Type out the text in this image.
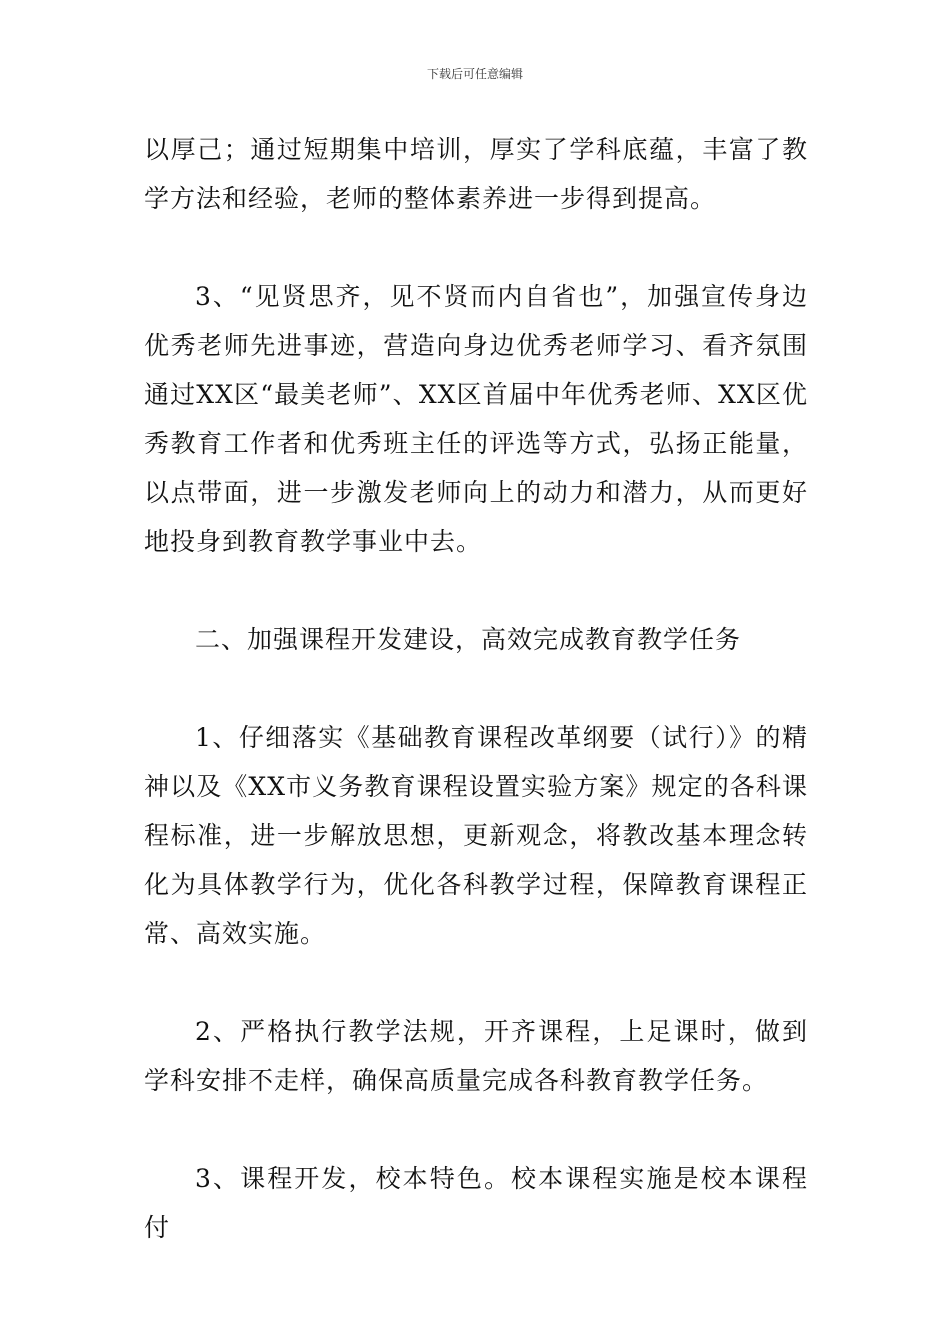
下载后可任意编辑

以厚己；通过短期集中培训，厚实了学科底蕴，丰富了教学方法和经验，老师的整体素养进一步得到提高。

3、“见贤思齐，见不贤而内自省也”，加强宣传身边优秀老师先进事迹，营造向身边优秀老师学习、看齐氛围通过XX区“最美老师”、XX区首届中年优秀老师、XX区优秀教育工作者和优秀班主任的评选等方式，弘扬正能量，以点带面，进一步激发老师向上的动力和潜力，从而更好地投身到教育教学事业中去。

二、加强课程开发建设，高效完成教育教学任务

1、仔细落实《基础教育课程改革纲要（试行）》的精神以及《XX市义务教育课程设置实验方案》规定的各科课程标准，进一步解放思想，更新观念，将教改基本理念转化为具体教学行为，优化各科教学过程，保障教育课程正常、高效实施。

2、严格执行教学法规，开齐课程，上足课时，做到学科安排不走样，确保高质量完成各科教育教学任务。

3、课程开发，校本特色。校本课程实施是校本课程付
